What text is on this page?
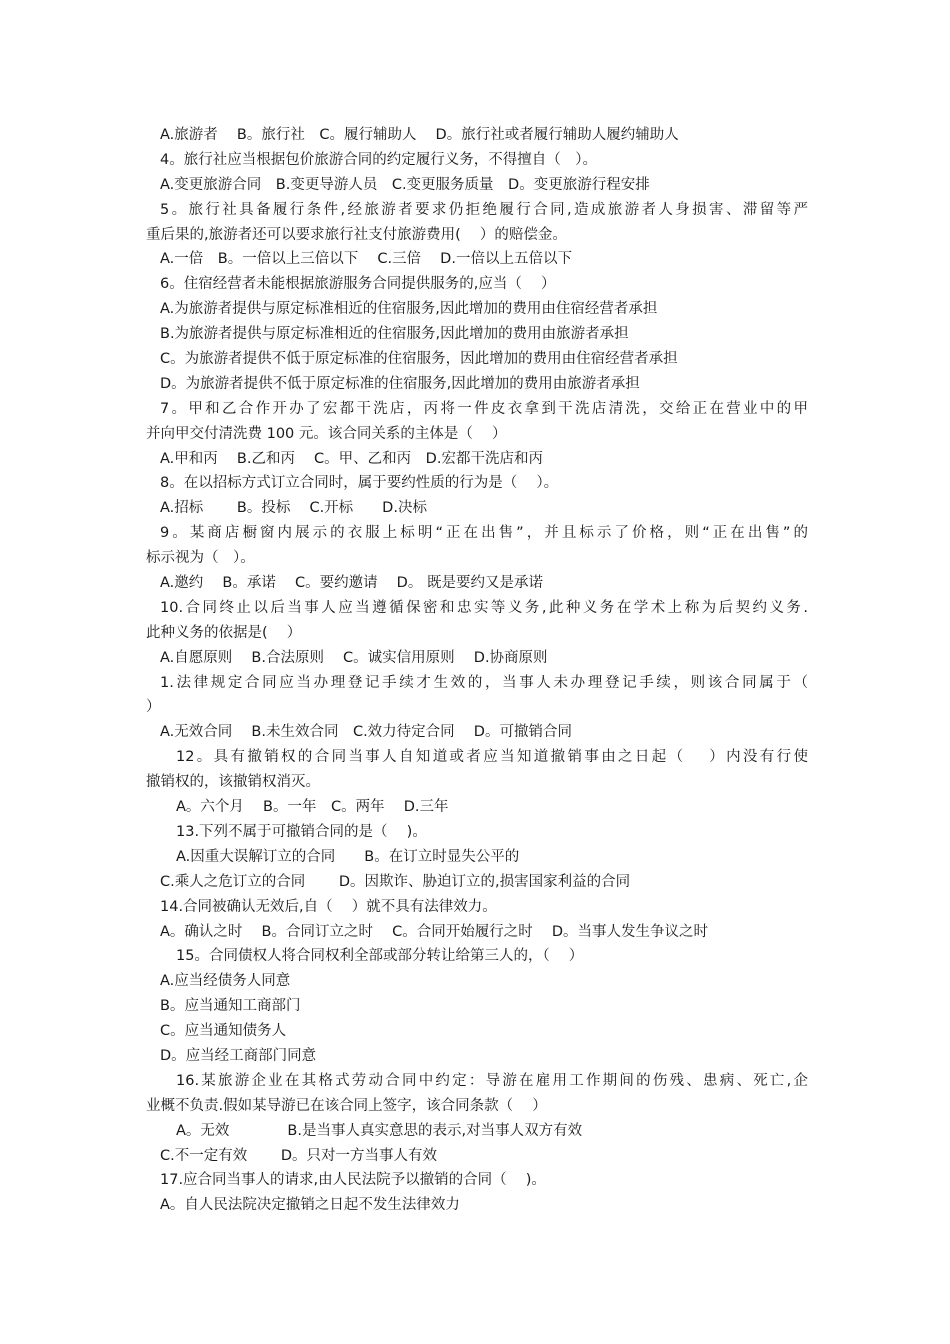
A.旅游者　 B。旅行社　C。履行辅助人　 D。旅行社或者履行辅助人履约辅助人
4。旅行社应当根据包价旅游合同的约定履行义务，不得擅自（　）。
A.变更旅游合同　B.变更导游人员　C.变更服务质量　D。变更旅游行程安排
5。旅行社具备履行条件,经旅游者要求仍拒绝履行合同,造成旅游者人身损害、滞留等严
重后果的,旅游者还可以要求旅行社支付旅游费用(　 ）的赔偿金。
A.一倍　B。一倍以上三倍以下　 C.三倍　 D.一倍以上五倍以下
6。住宿经营者未能根据旅游服务合同提供服务的,应当（　 ）
A.为旅游者提供与原定标准相近的住宿服务,因此增加的费用由住宿经营者承担
B.为旅游者提供与原定标准相近的住宿服务,因此增加的费用由旅游者承担
C。为旅游者提供不低于原定标准的住宿服务，因此增加的费用由住宿经营者承担
D。为旅游者提供不低于原定标准的住宿服务,因此增加的费用由旅游者承担
7。甲和乙合作开办了宏都干洗店，丙将一件皮衣拿到干洗店清洗，交给正在营业中的甲
并向甲交付清洗费 100 元。该合同关系的主体是（　 ）
A.甲和丙　 B.乙和丙　 C。甲、乙和丙　D.宏都干洗店和丙
8。在以招标方式订立合同时，属于要约性质的行为是（　 ）。
A.招标　　 B。投标　 C.开标　　D.决标
9。某商店橱窗内展示的衣服上标明“正在出售”，并且标示了价格，则“正在出售”的
标示视为（　）。
A.邀约　 B。承诺　 C。要约邀请　 D。 既是要约又是承诺
10.合同终止以后当事人应当遵循保密和忠实等义务,此种义务在学术上称为后契约义务.
此种义务的依据是(　 ）
A.自愿原则　 B.合法原则　 C。诚实信用原则　 D.协商原则
1.法律规定合同应当办理登记手续才生效的，当事人未办理登记手续，则该合同属于（
）
A.无效合同　 B.未生效合同　C.效力待定合同　 D。可撤销合同
12。具有撤销权的合同当事人自知道或者应当知道撤销事由之日起（　 ）内没有行使
撤销权的，该撤销权消灭。
A。六个月　 B。一年　C。两年　 D.三年
13.下列不属于可撤销合同的是（　 )。
A.因重大误解订立的合同　　B。在订立时显失公平的
C.乘人之危订立的合同　　 D。因欺诈、胁迫订立的,损害国家利益的合同
14.合同被确认无效后,自（　 ）就不具有法律效力。
A。确认之时　 B。合同订立之时　 C。合同开始履行之时　 D。当事人发生争议之时
15。合同债权人将合同权利全部或部分转让给第三人的，（　 ）
A.应当经债务人同意
B。应当通知工商部门
C。应当通知债务人
D。应当经工商部门同意
16.某旅游企业在其格式劳动合同中约定：导游在雇用工作期间的伤残、患病、死亡,企
业概不负责.假如某导游已在该合同上签字，该合同条款（　 ）
A。无效　　　　B.是当事人真实意思的表示,对当事人双方有效
C.不一定有效　　 D。只对一方当事人有效
17.应合同当事人的请求,由人民法院予以撤销的合同（　 )。
A。自人民法院决定撤销之日起不发生法律效力
